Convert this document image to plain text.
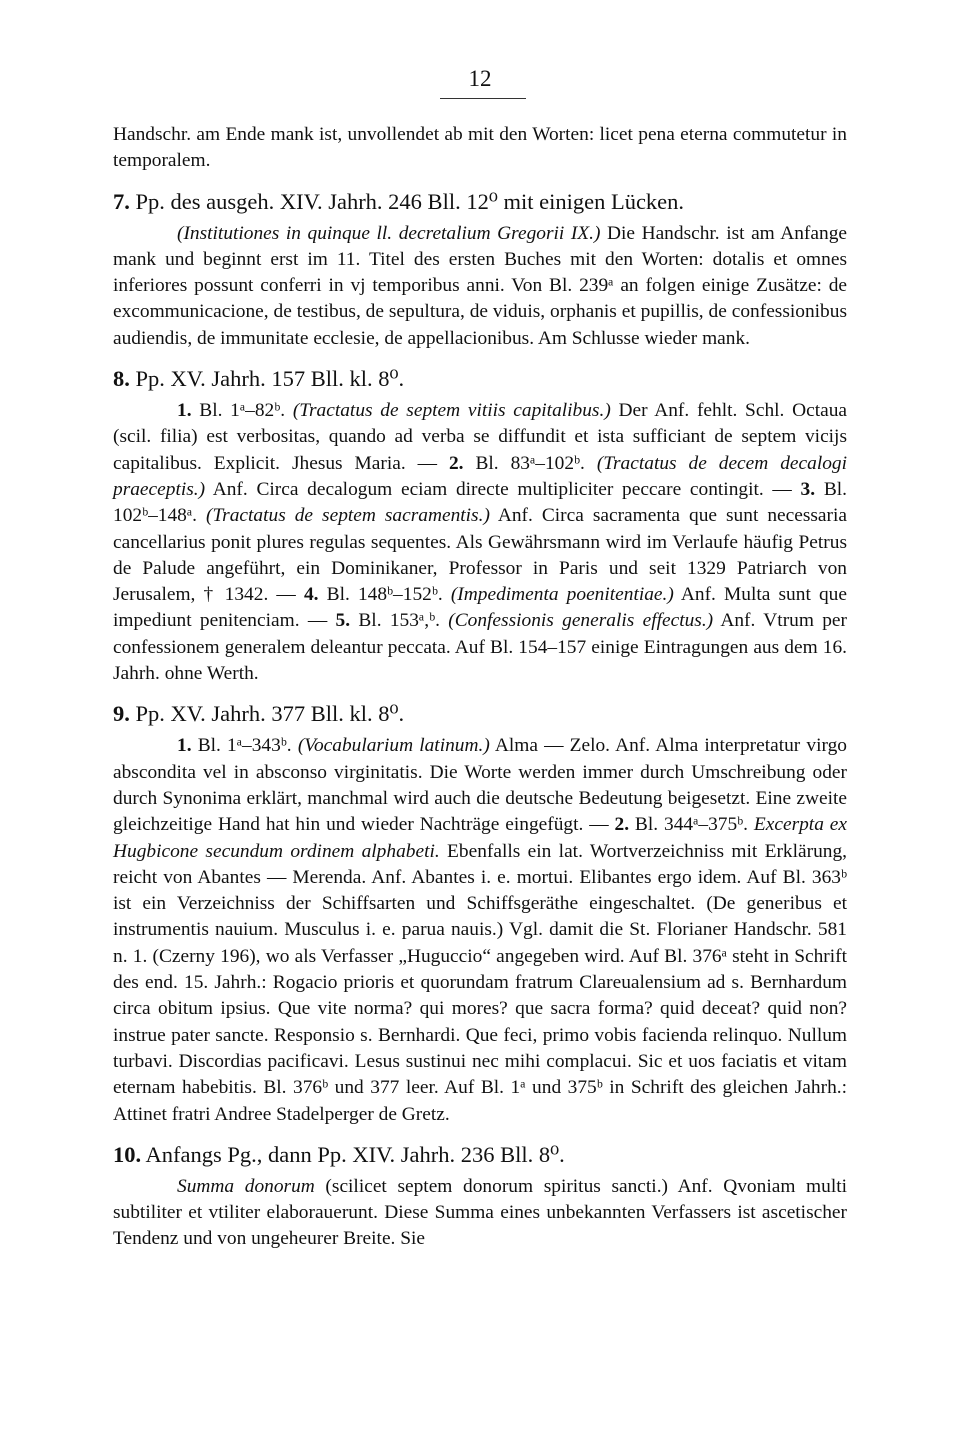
12

Handschr. am Ende mank ist, unvollendet ab mit den Worten: licet pena eterna commutetur in temporalem.

7. Pp. des ausgeh. XIV. Jahrh. 246 Bll. 12⁰ mit einigen Lücken.

(Institutiones in quinque ll. decretalium Gregorii IX.) Die Handschr. ist am Anfange mank und beginnt erst im 11. Titel des ersten Buches mit den Worten: dotalis et omnes inferiores possunt conferri in vj temporibus anni. Von Bl. 239ᵃ an folgen einige Zusätze: de excommunicacione, de testibus, de sepultura, de viduis, orphanis et pupillis, de confessionibus audiendis, de immunitate ecclesie, de appellacionibus. Am Schlusse wieder mank.

8. Pp. XV. Jahrh. 157 Bll. kl. 8⁰.

1. Bl. 1ᵃ–82ᵇ. (Tractatus de septem vitiis capitalibus.) Der Anf. fehlt. Schl. Octaua (scil. filia) est verbositas, quando ad verba se diffundit et ista sufficiant de septem vicijs capitalibus. Explicit. Jhesus Maria. — 2. Bl. 83ᵃ–102ᵇ. (Tractatus de decem decalogi praeceptis.) Anf. Circa decalogum eciam directe multipliciter peccare contingit. — 3. Bl. 102ᵇ–148ᵃ. (Tractatus de septem sacramentis.) Anf. Circa sacramenta que sunt necessaria cancellarius ponit plures regulas sequentes. Als Gewährsmann wird im Verlaufe häufig Petrus de Palude angeführt, ein Dominikaner, Professor in Paris und seit 1329 Patriarch von Jerusalem, † 1342. — 4. Bl. 148ᵇ–152ᵇ. (Impedimenta poenitentiae.) Anf. Multa sunt que impediunt penitenciam. — 5. Bl. 153ᵃ,ᵇ. (Confessionis generalis effectus.) Anf. Vtrum per confessionem generalem deleantur peccata. Auf Bl. 154–157 einige Eintragungen aus dem 16. Jahrh. ohne Werth.

9. Pp. XV. Jahrh. 377 Bll. kl. 8⁰.

1. Bl. 1ᵃ–343ᵇ. (Vocabularium latinum.) Alma — Zelo. Anf. Alma interpretatur virgo abscondita vel in absconso virginitatis. Die Worte werden immer durch Umschreibung oder durch Synonima erklärt, manchmal wird auch die deutsche Bedeutung beigesetzt. Eine zweite gleichzeitige Hand hat hin und wieder Nachträge eingefügt. — 2. Bl. 344ᵃ–375ᵇ. Excerpta ex Hugbicone secundum ordinem alphabeti. Ebenfalls ein lat. Wortverzeichniss mit Erklärung, reicht von Abantes — Merenda. Anf. Abantes i. e. mortui. Elibantes ergo idem. Auf Bl. 363ᵇ ist ein Verzeichniss der Schiffsarten und Schiffsgeräthe eingeschaltet. (De generibus et instrumentis nauium. Musculus i. e. parua nauis.) Vgl. damit die St. Florianer Handschr. 581 n. 1. (Czerny 196), wo als Verfasser „Huguccio“ angegeben wird. Auf Bl. 376ᵃ steht in Schrift des end. 15. Jahrh.: Rogacio prioris et quorundam fratrum Clareualensium ad s. Bernhardum circa obitum ipsius. Que vite norma? qui mores? que sacra forma? quid deceat? quid non? instrue pater sancte. Responsio s. Bernhardi. Que feci, primo vobis facienda relinquo. Nullum turbavi. Discordias pacificavi. Lesus sustinui nec mihi complacui. Sic et uos faciatis et vitam eternam habebitis. Bl. 376ᵇ und 377 leer. Auf Bl. 1ᵃ und 375ᵇ in Schrift des gleichen Jahrh.: Attinet fratri Andree Stadelperger de Gretz.

10. Anfangs Pg., dann Pp. XIV. Jahrh. 236 Bll. 8⁰.

Summa donorum (scilicet septem donorum spiritus sancti.) Anf. Qvoniam multi subtiliter et vtiliter elaborauerunt. Diese Summa eines unbekannten Verfassers ist ascetischer Tendenz und von ungeheurer Breite. Sie
